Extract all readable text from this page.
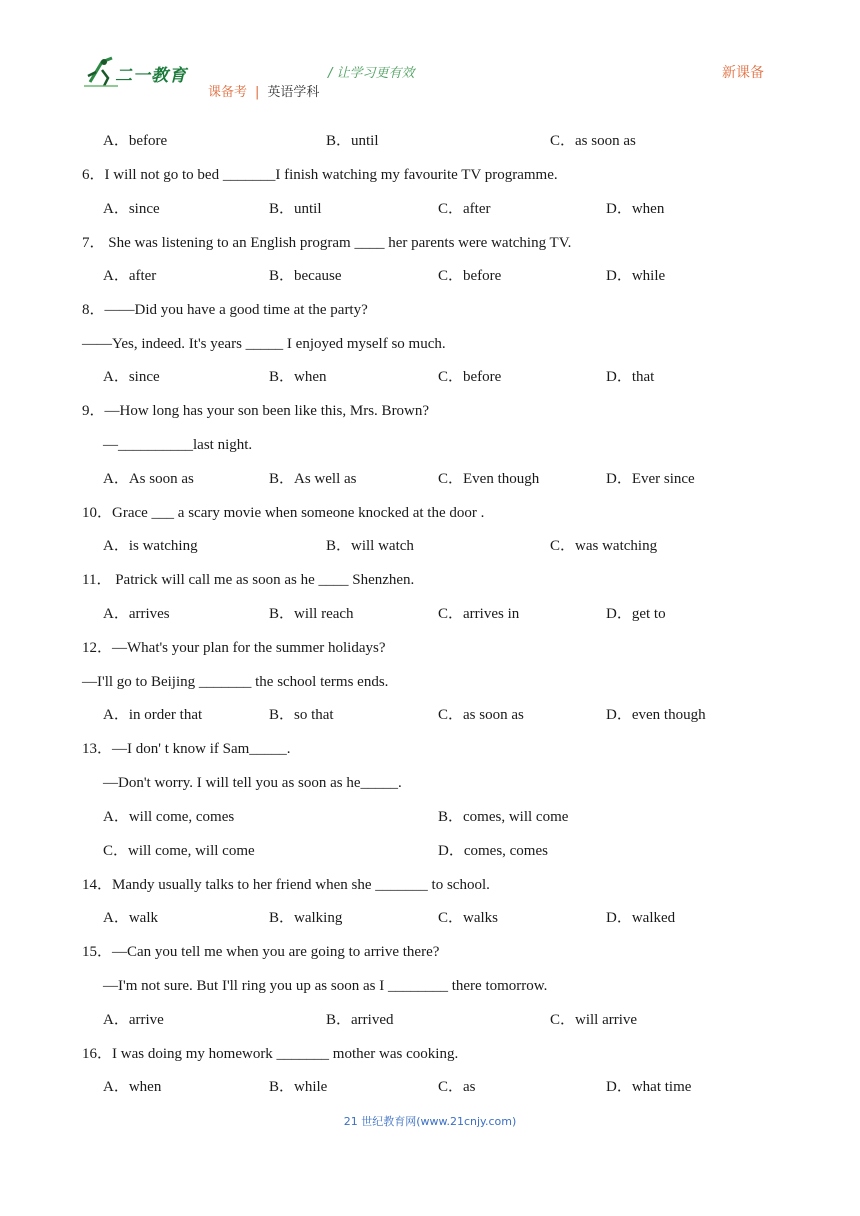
二一教育	/ 让学习更有效
课备考 | 英语学科
新课备
A．before	B．until	C．as soon as
6．I will not go to bed _______I finish watching my favourite TV programme.
A．since	B．until	C．after	D．when
7． She was listening to an English program ____ her parents were watching TV.
A．after	B．because	C．before	D．while
8．——Did you have a good time at the party?
——Yes, indeed. It's years _____ I enjoyed myself so much.
A．since	B．when	C．before	D．that
9．—How long has your son been like this, Mrs. Brown?
—__________last night.
A．As soon as	B．As well as	C．Even though	D．Ever since
10．Grace ___ a scary movie when someone knocked at the door .
A．is watching	B．will watch	C．was watching
11． Patrick will call me as soon as he ____ Shenzhen.
A．arrives	B．will reach	C．arrives in	D．get to
12．—What's your plan for the summer holidays?
—I'll go to Beijing _______ the school terms ends.
A．in order that	B．so that	C．as soon as	D．even though
13．—I don' t know if Sam_____.
—Don't worry. I will tell you as soon as he_____.
A．will come, comes	B．comes, will come
C．will come, will come	D．comes, comes
14．Mandy usually talks to her friend when she _______ to school.
A．walk	B．walking	C．walks	D．walked
15．—Can you tell me when you are going to arrive there?
—I'm not sure. But I'll ring you up as soon as I ________ there tomorrow.
A．arrive	B．arrived	C．will arrive
16．I was doing my homework _______ mother was cooking.
A．when	B．while	C．as	D．what time
21 世纪教育网(www.21cnjy.com)
